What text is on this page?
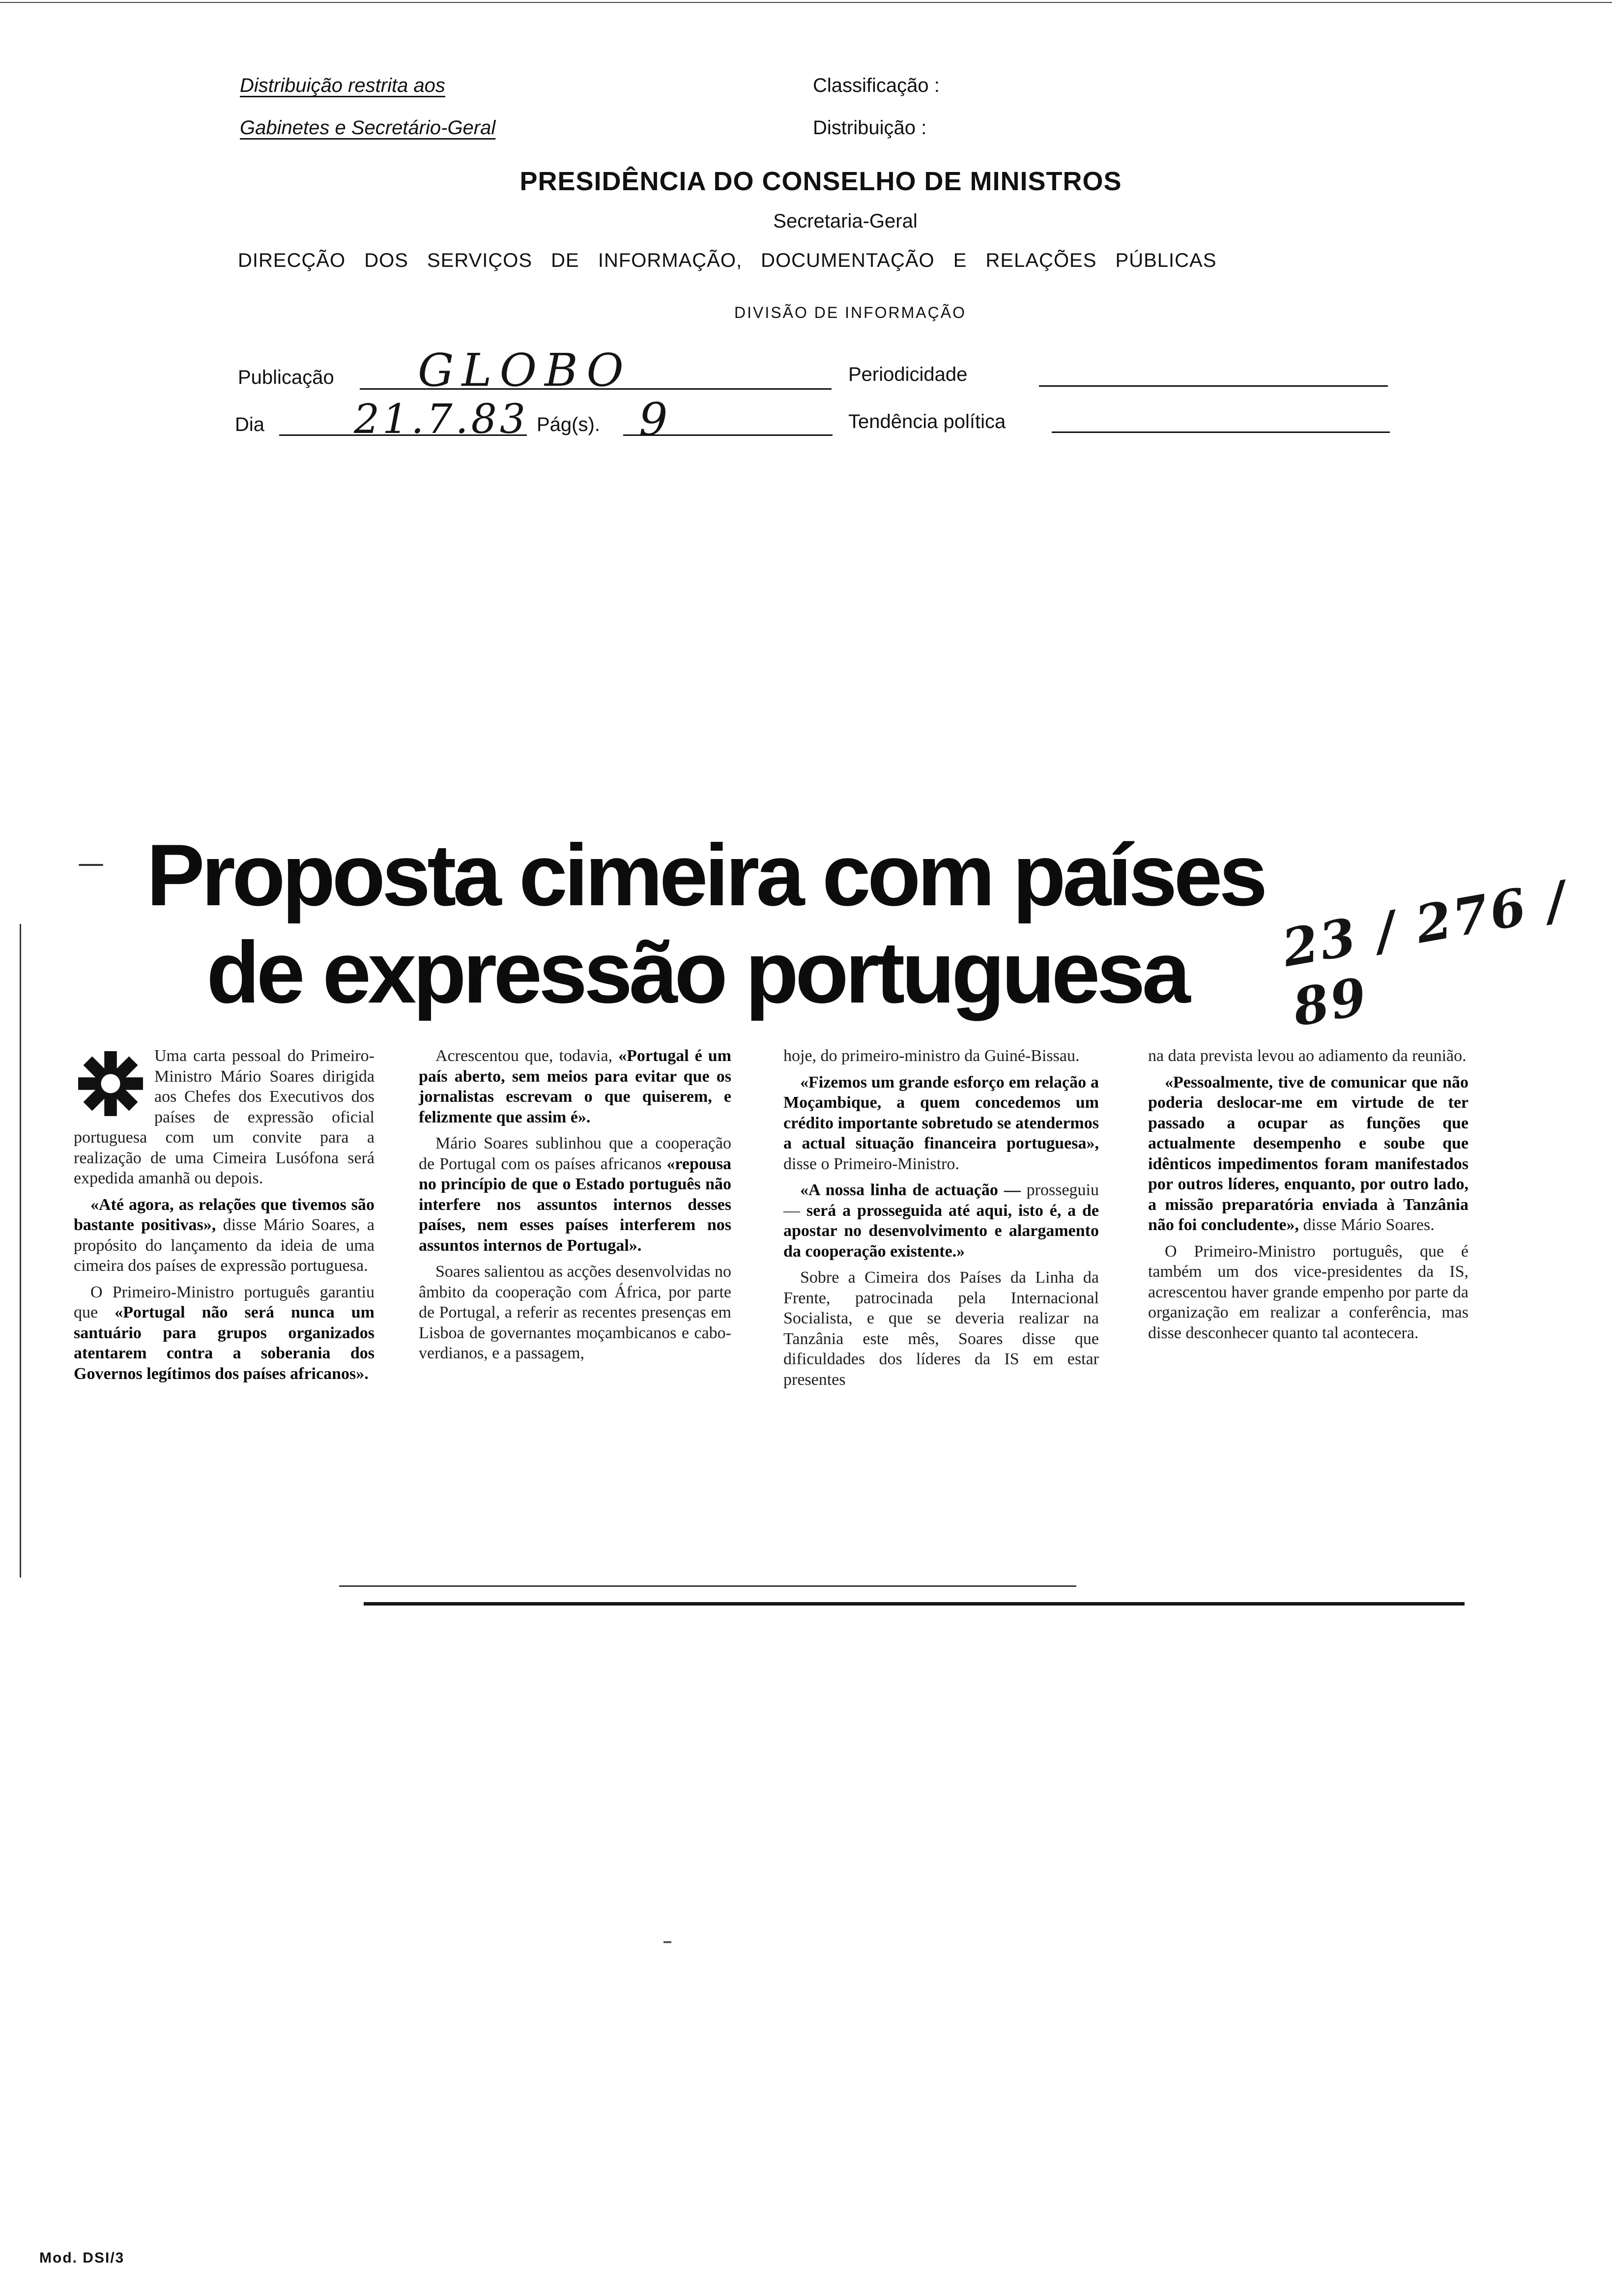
Distribuição restrita aos
Gabinetes e Secretário-Geral
Classificação :
Distribuição :
PRESIDÊNCIA DO CONSELHO DE MINISTROS
Secretaria-Geral
DIRECÇÃO DOS SERVIÇOS DE INFORMAÇÃO, DOCUMENTAÇÃO E RELAÇÕES PÚBLICAS
DIVISÃO DE INFORMAÇÃO
Publicação GLOBO	Periodicidade
Dia 21.7.83 Pág(s). 9	Tendência política
Proposta cimeira com países
de expressão portuguesa 23 / 276 / 89

Uma carta pessoal do Primeiro-Ministro Mário Soares dirigida aos Chefes dos Executivos dos países de expressão oficial portuguesa com um convite para a realização de uma Cimeira Lusófona será expedida amanhã ou depois.

«Até agora, as relações que tivemos são bastante positivas», disse Mário Soares, a propósito do lançamento da ideia de uma cimeira dos países de expressão portuguesa.

O Primeiro-Ministro português garantiu que «Portugal não será nunca um santuário para grupos organizados atentarem contra a soberania dos Governos legítimos dos países africanos».

Acrescentou que, todavia, «Portugal é um país aberto, sem meios para evitar que os jornalistas escrevam o que quiserem, e felizmente que assim é».

Mário Soares sublinhou que a cooperação de Portugal com os países africanos «repousa no princípio de que o Estado português não interfere nos assuntos internos desses países, nem esses países interferem nos assuntos internos de Portugal».

Soares salientou as acções desenvolvidas no âmbito da cooperação com África, por parte de Portugal, a referir as recentes presenças em Lisboa de governantes moçambicanos e cabo-verdianos, e a passagem,

hoje, do primeiro-ministro da Guiné-Bissau.

«Fizemos um grande esforço em relação a Moçambique, a quem concedemos um crédito importante sobretudo se atendermos a actual situação financeira portuguesa», disse o Primeiro-Ministro.

«A nossa linha de actuação — prosseguiu — será a prosseguida até aqui, isto é, a de apostar no desenvolvimento e alargamento da cooperação existente.»

Sobre a Cimeira dos Países da Linha da Frente, patrocinada pela Internacional Socialista, e que se deveria realizar na Tanzânia este mês, Soares disse que dificuldades dos líderes da IS em estar presentes

na data prevista levou ao adiamento da reunião.

«Pessoalmente, tive de comunicar que não poderia deslocar-me em virtude de ter passado a ocupar as funções que actualmente desempenho e soube que idênticos impedimentos foram manifestados por outros líderes, enquanto, por outro lado, a missão preparatória enviada à Tanzânia não foi concludente», disse Mário Soares.

O Primeiro-Ministro português, que é também um dos vice-presidentes da IS, acrescentou haver grande empenho por parte da organização em realizar a conferência, mas disse desconhecer quanto tal acontecera.

Mod. DSI/3
